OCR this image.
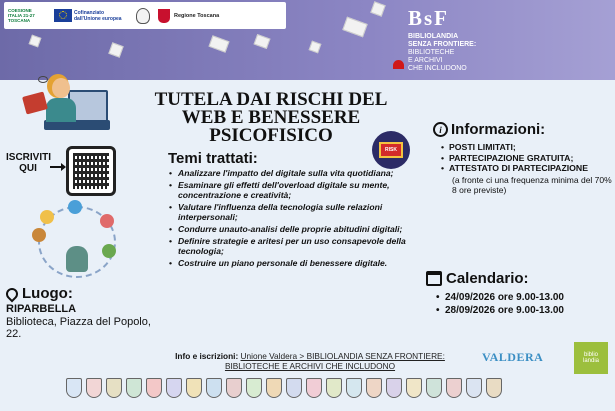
COESIONE
ITALIA 21-27
TOSCANA
Cofinanziato
dall'Unione europea	Regione Toscana	BsF
BIBLIOLANDIA
SENZA FRONTIERE:
BIBLIOTECHE
E ARCHIVI
CHE INCLUDONO
TUTELA DAI RISCHI DEL
WEB E BENESSERE
PSICOFISICO
RISK
ISCRIVITI
QUI
Temi trattati:
• Analizzare l'impatto del digitale sulla vita quotidiana;
• Esaminare gli effetti dell'overload digitale su mente, concentrazione e creatività;
• Valutare l'influenza della tecnologia sulle relazioni interpersonali;
• Condurre unauto-analisi delle proprie abitudini digitali;
• Definire strategie e aritesi per un uso consapevole della tecnologia;
• Costruire un piano personale di benessere digitale.
i Informazioni:
• POSTI LIMITATI;
• PARTECIPAZIONE GRATUITA;
• ATTESTATO DI PARTECIPAZIONE
(a fronte ci una frequenza minima del 70% 8 ore previste)
Calendario:
• 24/09/2026 ore 9.00-13.00
• 28/09/2026 ore 9.00-13.00
Luogo:
RIPARBELLA
Biblioteca, Piazza del Popolo, 22.
Info e iscrizioni: Unione Valdera > BIBLIOLANDIA SENZA FRONTIERE:
BIBLIOTECHE E ARCHIVI CHE INCLUDONO
VALDERA	biblio
landia
